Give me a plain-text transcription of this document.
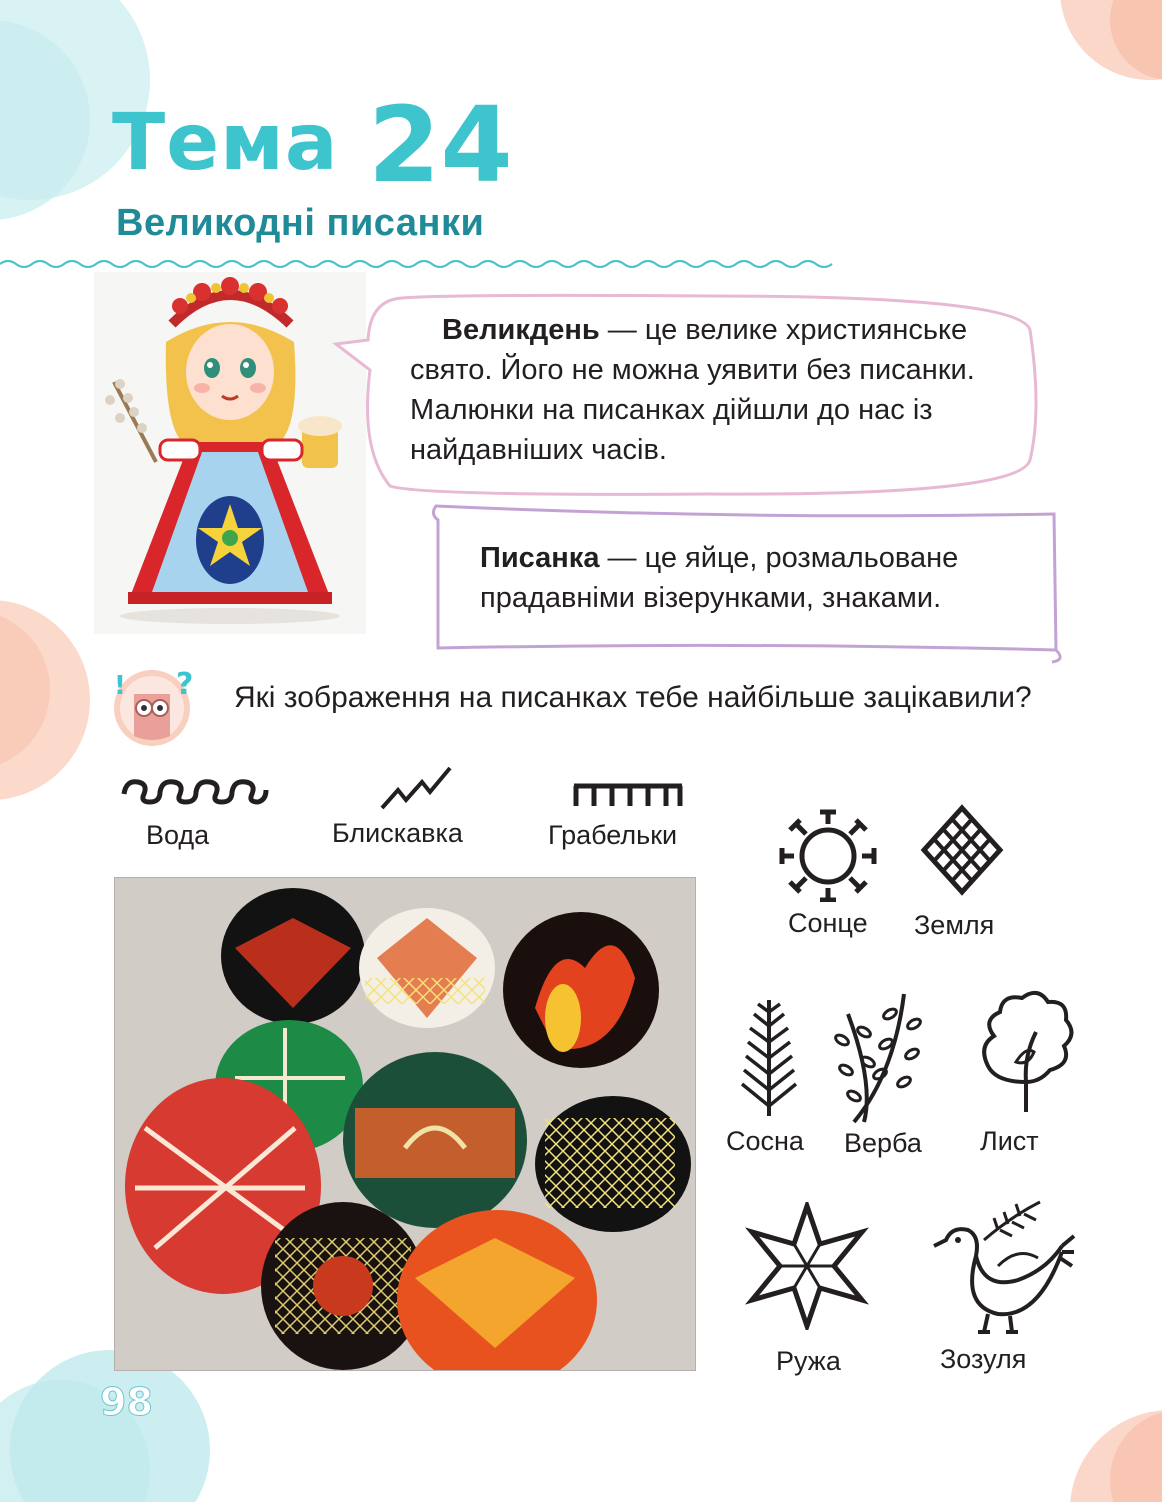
Тема 24
Великодні писанки
Великдень — це велике християнське
свято. Його не можна уявити без писанки.
Малюнки на писанках дійшли до нас із
найдавніших часів.
Писанка — це яйце, розмальоване
прадавніми візерунками, знаками.
! ? Які зображення на писанках тебе найбільше зацікавили?
Вода	Блискавка	Грабельки
Сонце Земля
Сосна Верба Лист
Ружа	Зозуля
98
